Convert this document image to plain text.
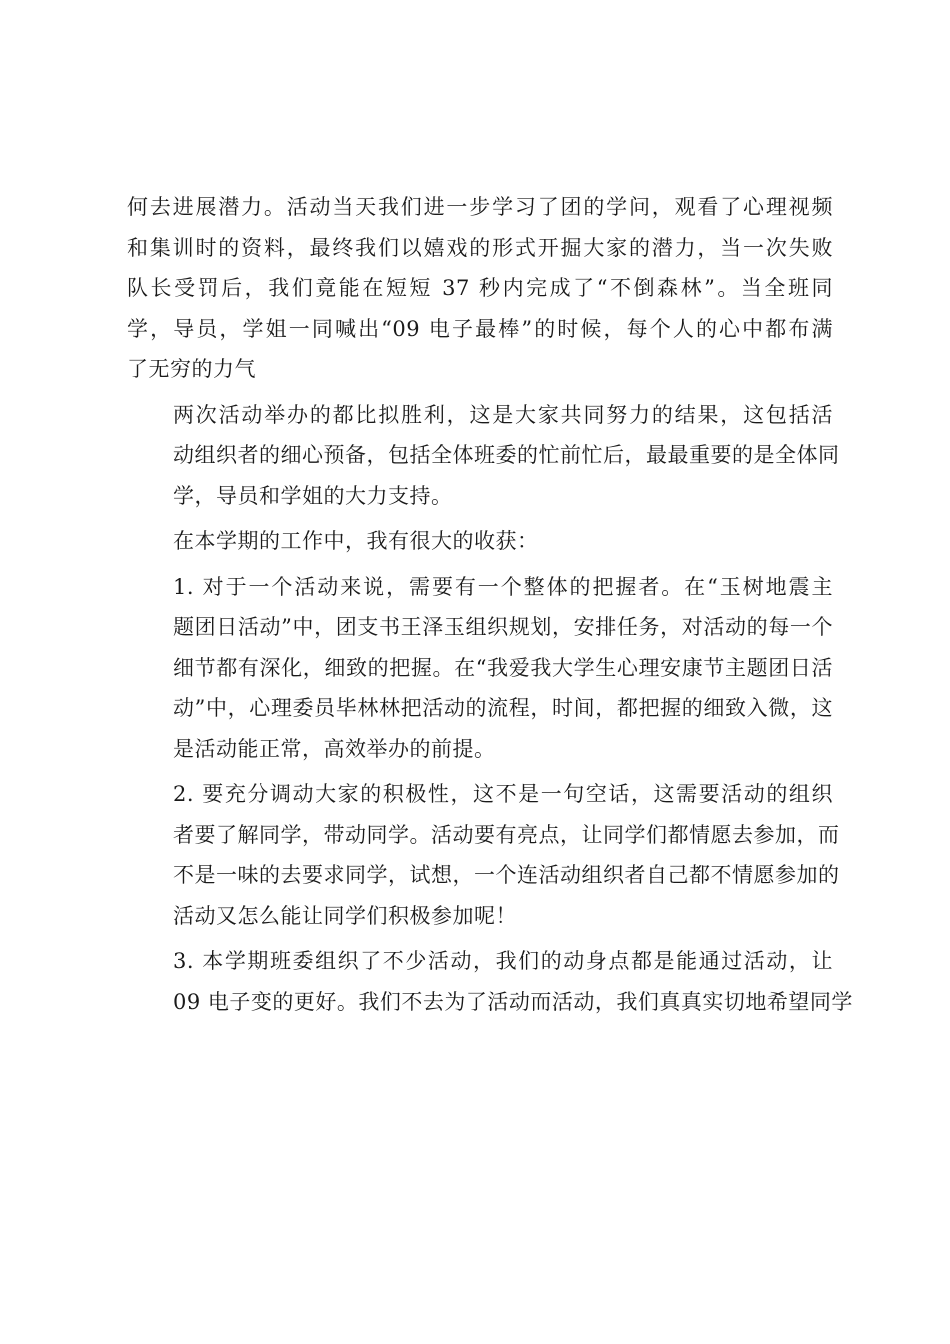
何去进展潜力。活动当天我们进一步学习了团的学问，观看了心理视频
和集训时的资料，最终我们以嬉戏的形式开掘大家的潜力，当一次失败
队长受罚后，我们竟能在短短 37 秒内完成了“不倒森林”。当全班同
学，导员，学姐一同喊出“09 电子最棒”的时候，每个人的心中都布满
了无穷的力气
两次活动举办的都比拟胜利，这是大家共同努力的结果，这包括活
动组织者的细心预备，包括全体班委的忙前忙后，最最重要的是全体同
学，导员和学姐的大力支持。
在本学期的工作中，我有很大的收获：
1. 对于一个活动来说，需要有一个整体的把握者。在“玉树地震主
题团日活动”中，团支书王泽玉组织规划，安排任务，对活动的每一个
细节都有深化，细致的把握。在“我爱我大学生心理安康节主题团日活
动”中，心理委员毕林林把活动的流程，时间，都把握的细致入微，这
是活动能正常，高效举办的前提。
2. 要充分调动大家的积极性，这不是一句空话，这需要活动的组织
者要了解同学，带动同学。活动要有亮点，让同学们都情愿去参加，而
不是一味的去要求同学，试想，一个连活动组织者自己都不情愿参加的
活动又怎么能让同学们积极参加呢！
3. 本学期班委组织了不少活动，我们的动身点都是能通过活动，让
09 电子变的更好。我们不去为了活动而活动，我们真真实切地希望同学
